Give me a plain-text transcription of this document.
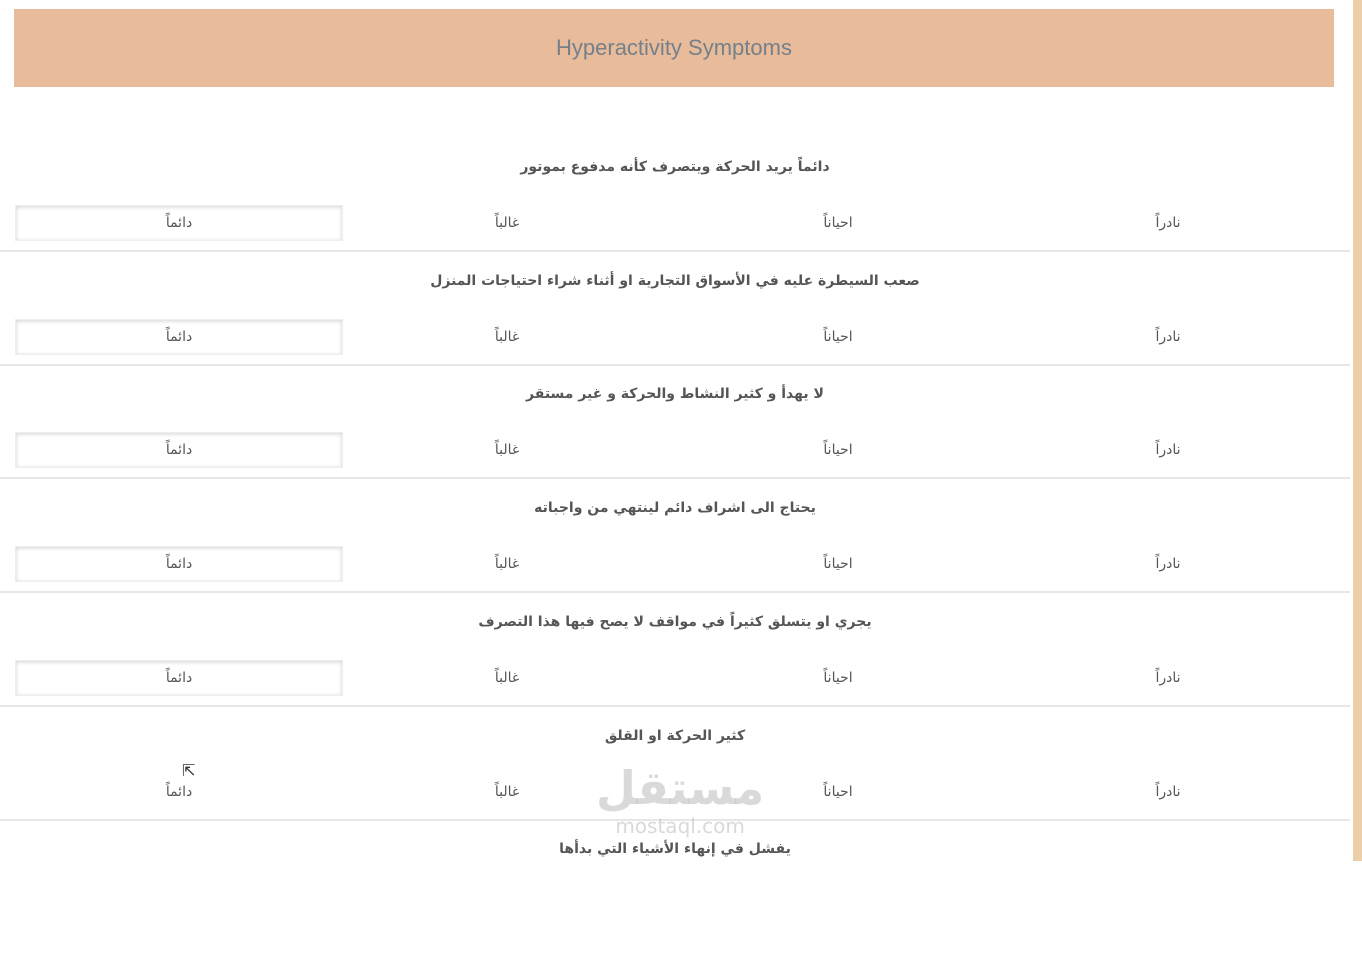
Hyperactivity Symptoms
دائماً يريد الحركة ويتصرف كأنه مدفوع بموتور
دائماً	غالباً	احياناً	نادراً
صعب السيطرة عليه في الأسواق التجارية او أثناء شراء احتياجات المنزل
دائماً	غالباً	احياناً	نادراً
لا يهدأ و كثير النشاط والحركة و غير مستقر
دائماً	غالباً	احياناً	نادراً
يحتاج الى اشراف دائم لينتهي من واجباته
دائماً	غالباً	احياناً	نادراً
يجري او يتسلق كثيراً في مواقف لا يصح فيها هذا التصرف
دائماً	غالباً	احياناً	نادراً
كثير الحركة او القلق
دائماً	غالباً	احياناً	نادراً
يفشل في إنهاء الأشياء التي بدأها
مستقل
mostaql.com
⇱
